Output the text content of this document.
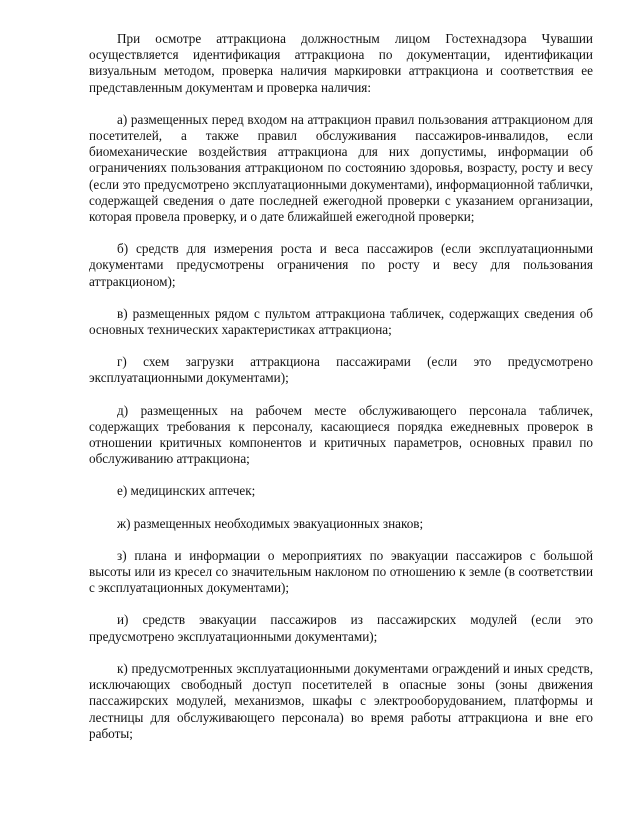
При осмотре аттракциона должностным лицом Гостехнадзора Чувашии осуществляется идентификация аттракциона по документации, идентификации визуальным методом, проверка наличия маркировки аттракциона и соответствия ее представленным документам и проверка наличия:

а) размещенных перед входом на аттракцион правил пользования аттракционом для посетителей, а также правил обслуживания пассажиров-инвалидов, если биомеханические воздействия аттракциона для них допустимы, информации об ограничениях пользования аттракционом по состоянию здоровья, возрасту, росту и весу (если это предусмотрено эксплуатационными документами), информационной таблички, содержащей сведения о дате последней ежегодной проверки с указанием организации, которая провела проверку, и о дате ближайшей ежегодной проверки;

б) средств для измерения роста и веса пассажиров (если эксплуатационными документами предусмотрены ограничения по росту и весу для пользования аттракционом);

в) размещенных рядом с пультом аттракциона табличек, содержащих сведения об основных технических характеристиках аттракциона;

г) схем загрузки аттракциона пассажирами (если это предусмотрено эксплуатационными документами);

д) размещенных на рабочем месте обслуживающего персонала табличек, содержащих требования к персоналу, касающиеся порядка ежедневных проверок в отношении критичных компонентов и критичных параметров, основных правил по обслуживанию аттракциона;

е) медицинских аптечек;

ж) размещенных необходимых эвакуационных знаков;

з) плана и информации о мероприятиях по эвакуации пассажиров с большой высоты или из кресел со значительным наклоном по отношению к земле (в соответствии с эксплуатационных документами);

и) средств эвакуации пассажиров из пассажирских модулей (если это предусмотрено эксплуатационными документами);

к) предусмотренных эксплуатационными документами ограждений и иных средств, исключающих свободный доступ посетителей в опасные зоны (зоны движения пассажирских модулей, механизмов, шкафы с электрооборудованием, платформы и лестницы для обслуживающего персонала) во время работы аттракциона и вне его работы;
